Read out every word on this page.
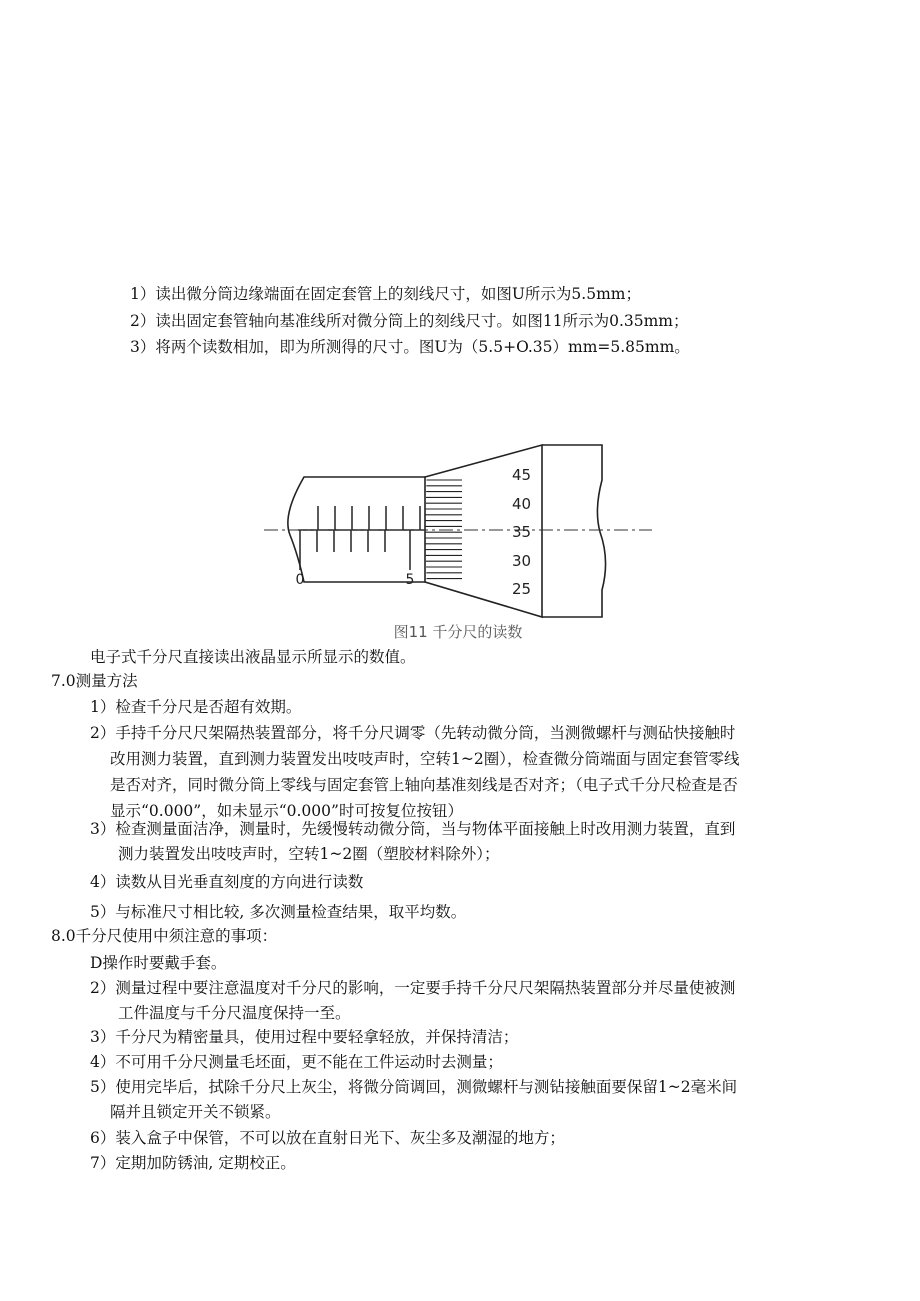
1）读出微分筒边缘端面在固定套管上的刻线尺寸，如图U所示为5.5mm；
2）读出固定套管轴向基准线所对微分筒上的刻线尺寸。如图11所示为0.35mm；
3）将两个读数相加，即为所测得的尺寸。图U为（5.5+O.35）mm=5.85mm。
0	5
45
40
35
30
25
图11 千分尺的读数
电子式千分尺直接读出液晶显示所显示的数值。
7.0测量方法
1）检查千分尺是否超有效期。
2）手持千分尺尺架隔热装置部分，将千分尺调零（先转动微分筒，当测微螺杆与测砧快接触时
改用测力装置，直到测力装置发出吱吱声时，空转1~2圈），检查微分筒端面与固定套管零线
是否对齐，同时微分筒上零线与固定套管上轴向基准刻线是否对齐；（电子式千分尺检查是否
显示“0.000”，如未显示“0.000”时可按复位按钮）
3）检查测量面洁净，测量时，先缓慢转动微分筒，当与物体平面接触上时改用测力装置，直到
测力装置发出吱吱声时，空转1~2圈（塑胶材料除外）；
4）读数从目光垂直刻度的方向进行读数
5）与标准尺寸相比较, 多次测量检查结果，取平均数。
8.0千分尺使用中须注意的事项：
D操作时要戴手套。
2）测量过程中要注意温度对千分尺的影响，一定要手持千分尺尺架隔热装置部分并尽量使被测
工件温度与千分尺温度保持一至。
3）千分尺为精密量具，使用过程中要轻拿轻放，并保持清洁；
4）不可用千分尺测量毛坯面，更不能在工件运动时去测量；
5）使用完毕后，拭除千分尺上灰尘，将微分筒调回，测微螺杆与测钻接触面要保留1~2毫米间
隔并且锁定开关不锁紧。
6）装入盒子中保管，不可以放在直射日光下、灰尘多及潮湿的地方；
7）定期加防锈油, 定期校正。
